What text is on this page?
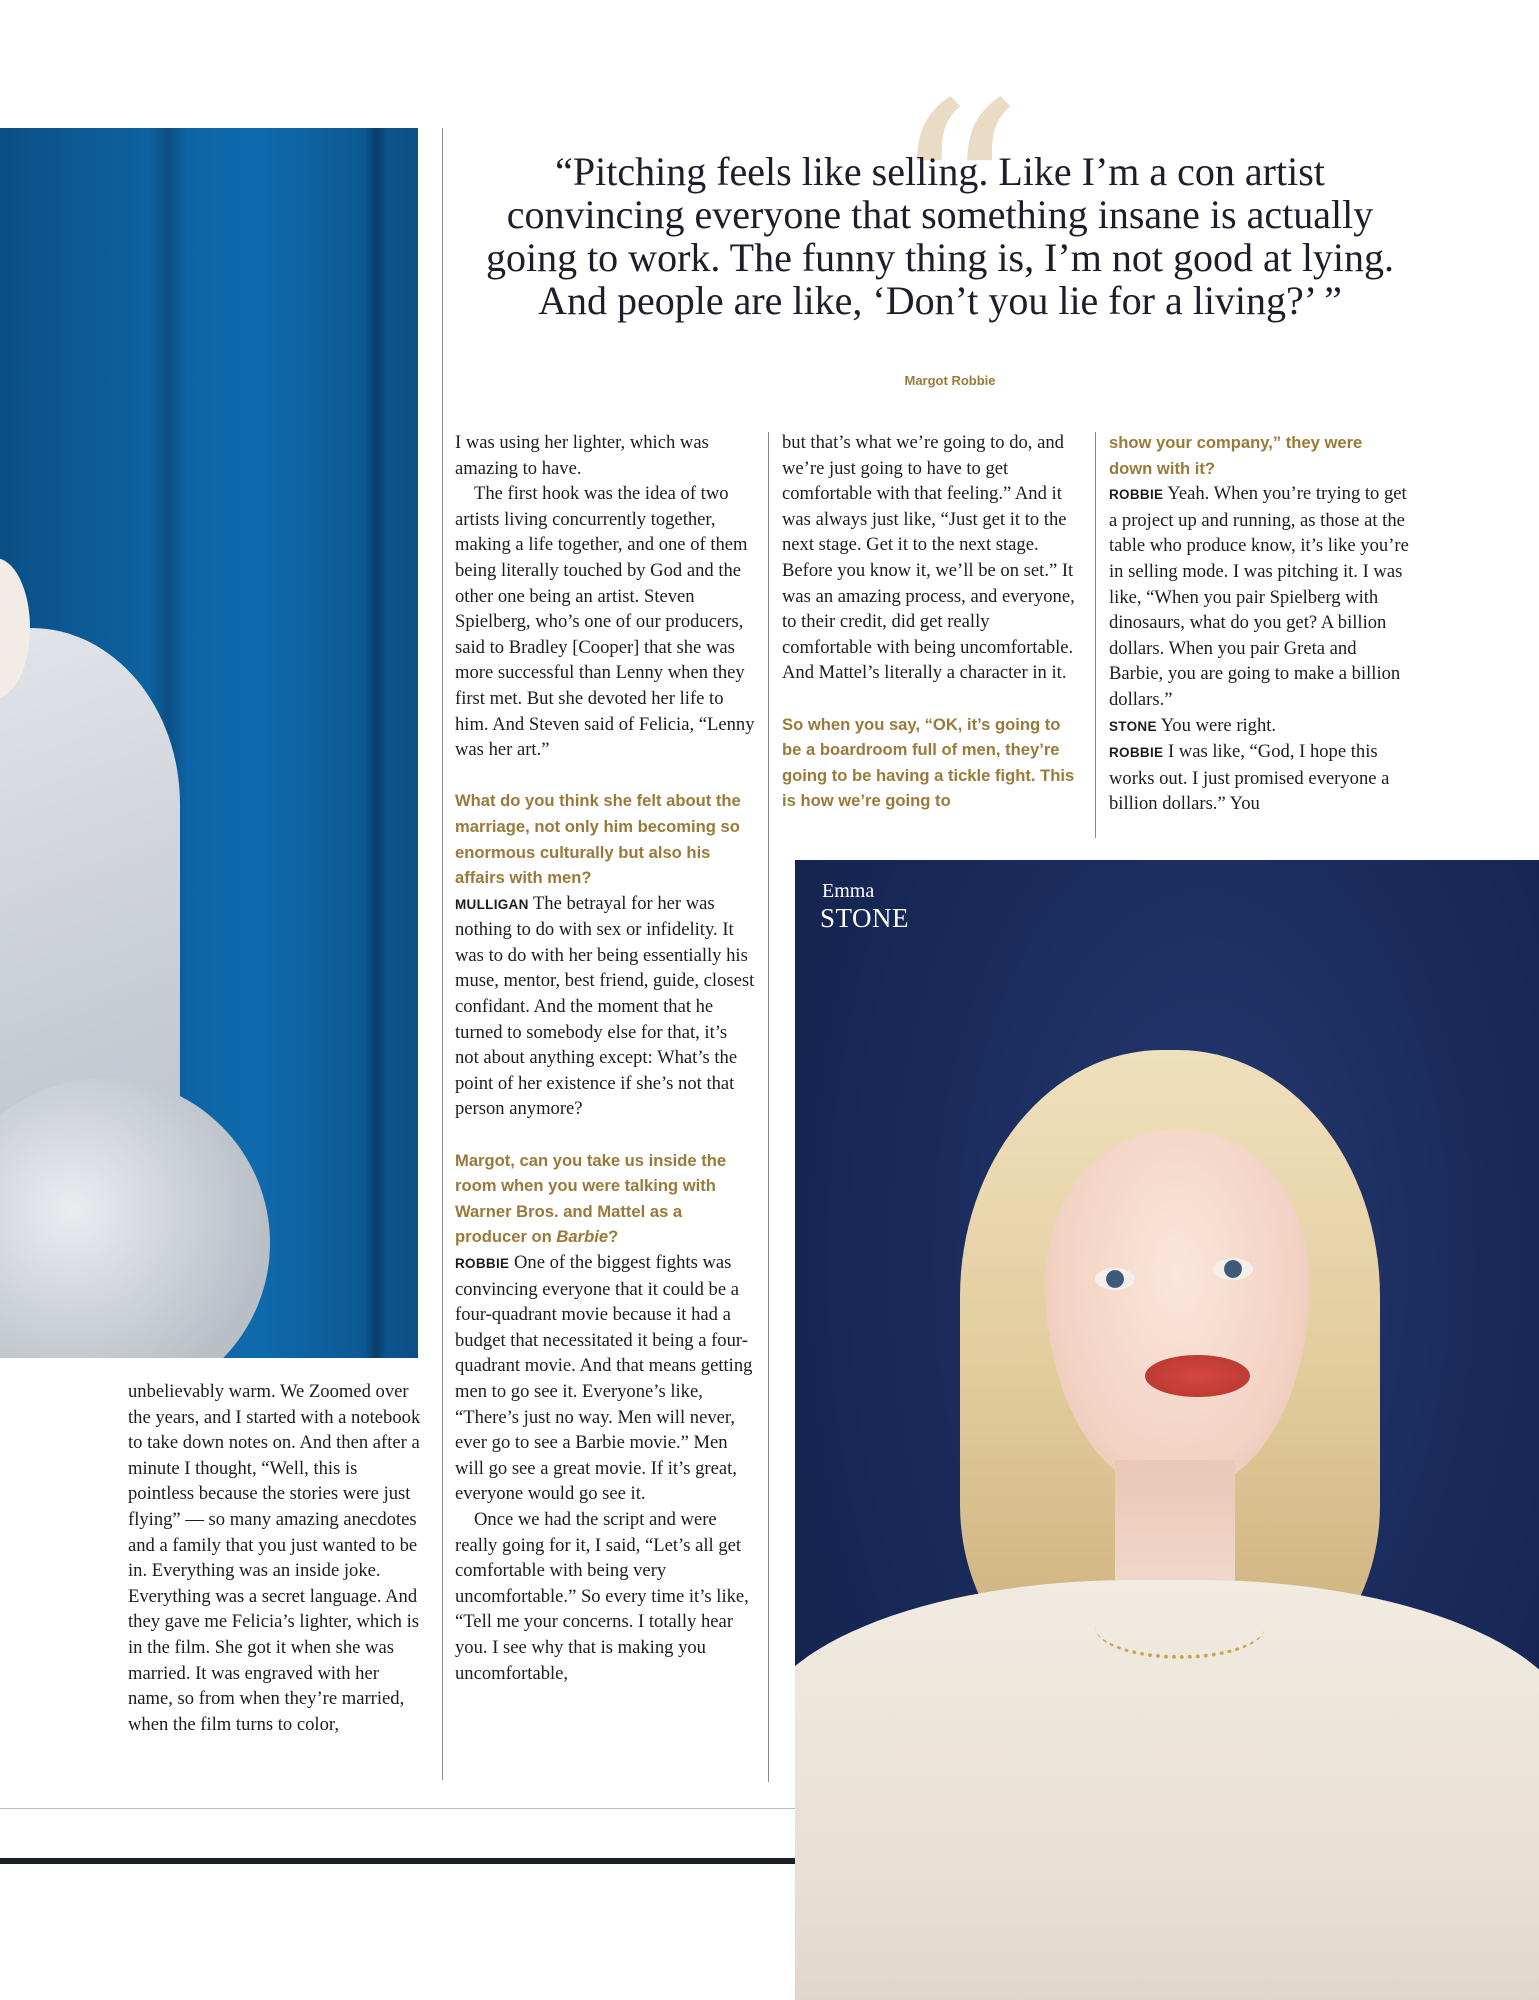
“
“Pitching feels like selling. Like I’m a con artist convincing everyone that something insane is actually going to work. The funny thing is, I’m not good at lying. And people are like, ‘Don’t you lie for a living?’ ”
Margot Robbie

unbelievably warm. We Zoomed over the years, and I started with a notebook to take down notes on. And then after a minute I thought, “Well, this is pointless because the stories were just flying” — so many amazing anecdotes and a family that you just wanted to be in. Everything was an inside joke. Everything was a secret language. And they gave me Felicia’s lighter, which is in the film. She got it when she was married. It was engraved with her name, so from when they’re married, when the film turns to color,

I was using her lighter, which was amazing to have.

The first hook was the idea of two artists living concurrently together, making a life together, and one of them being literally touched by God and the other one being an artist. Steven Spielberg, who’s one of our producers, said to Bradley [Cooper] that she was more successful than Lenny when they first met. But she devoted her life to him. And Steven said of Felicia, “Lenny was her art.”

What do you think she felt about the marriage, not only him becoming so enormous culturally but also his affairs with men?

MULLIGAN The betrayal for her was nothing to do with sex or infidelity. It was to do with her being essentially his muse, mentor, best friend, guide, closest confidant. And the moment that he turned to somebody else for that, it’s not about anything except: What’s the point of her existence if she’s not that person anymore?

Margot, can you take us inside the room when you were talking with Warner Bros. and Mattel as a producer on Barbie?

ROBBIE One of the biggest fights was convincing everyone that it could be a four-quadrant movie because it had a budget that necessitated it being a four-quadrant movie. And that means getting men to go see it. Everyone’s like, “There’s just no way. Men will never, ever go to see a Barbie movie.” Men will go see a great movie. If it’s great, everyone would go see it.

Once we had the script and were really going for it, I said, “Let’s all get comfortable with being very uncomfortable.” So every time it’s like, “Tell me your concerns. I totally hear you. I see why that is making you uncomfortable,

but that’s what we’re going to do, and we’re just going to have to get comfortable with that feeling.” And it was always just like, “Just get it to the next stage. Get it to the next stage. Before you know it, we’ll be on set.” It was an amazing process, and everyone, to their credit, did get really comfortable with being uncomfortable. And Mattel’s literally a character in it.

So when you say, “OK, it’s going to be a boardroom full of men, they’re going to be having a tickle fight. This is how we’re going to

show your company,” they were down with it?

ROBBIE Yeah. When you’re trying to get a project up and running, as those at the table who produce know, it’s like you’re in selling mode. I was pitching it. I was like, “When you pair Spielberg with dinosaurs, what do you get? A billion dollars. When you pair Greta and Barbie, you are going to make a billion dollars.”

STONE You were right.

ROBBIE I was like, “God, I hope this works out. I just promised everyone a billion dollars.” You

Emma
STONE
